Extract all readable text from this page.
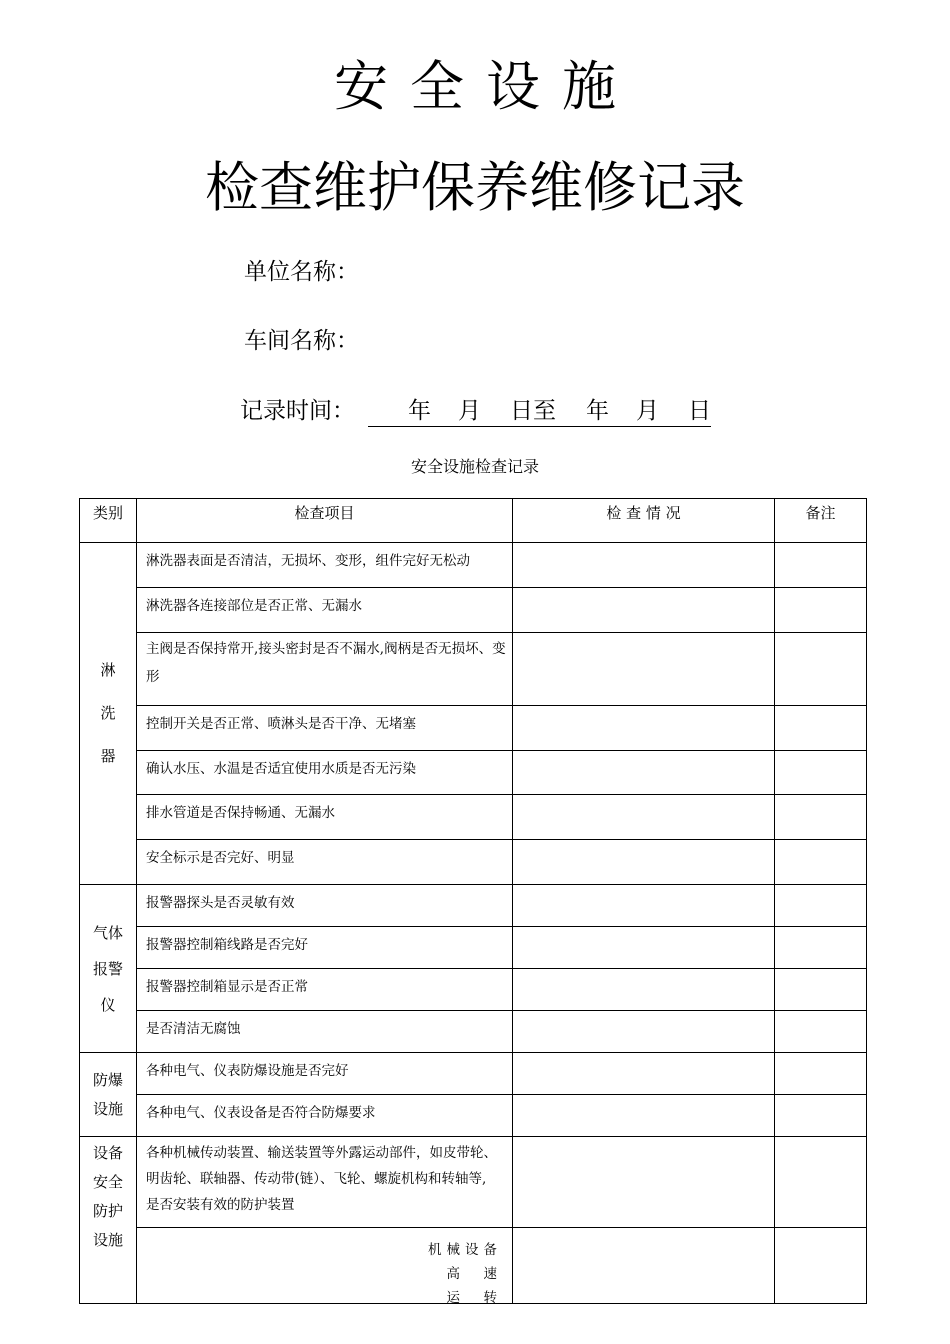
安全设施
检查维护保养维修记录
单位名称：
车间名称：
记录时间： 年 月 日至 年 月 日
安全设施检查记录
类别	检查项目	检 查 情 况	备注

淋
洗
器	淋洗器表面是否清洁，无损坏、变形，组件完好无松动		
	淋洗器各连接部位是否正常、无漏水		
	主阀是否保持常开,接头密封是否不漏水,阀柄是否无损坏、变形		
	控制开关是否正常、喷淋头是否干净、无堵塞		
	确认水压、水温是否适宜使用水质是否无污染		
	排水管道是否保持畅通、无漏水		
	安全标示是否完好、明显		

气体
报警
仪	报警器探头是否灵敏有效		
	报警器控制箱线路是否完好		
	报警器控制箱显示是否正常		
	是否清洁无腐蚀		

防爆
设施	各种电气、仪表防爆设施是否完好		
	各种电气、仪表设备是否符合防爆要求		

设备
安全
防护
设施	各种机械传动装置、输送装置等外露运动部件，如皮带轮、明齿轮、联轴器、传动带(链）、飞轮、螺旋机构和转轴等, 是否安装有效的防护装置		

	机械设备
高　速
运　转		
